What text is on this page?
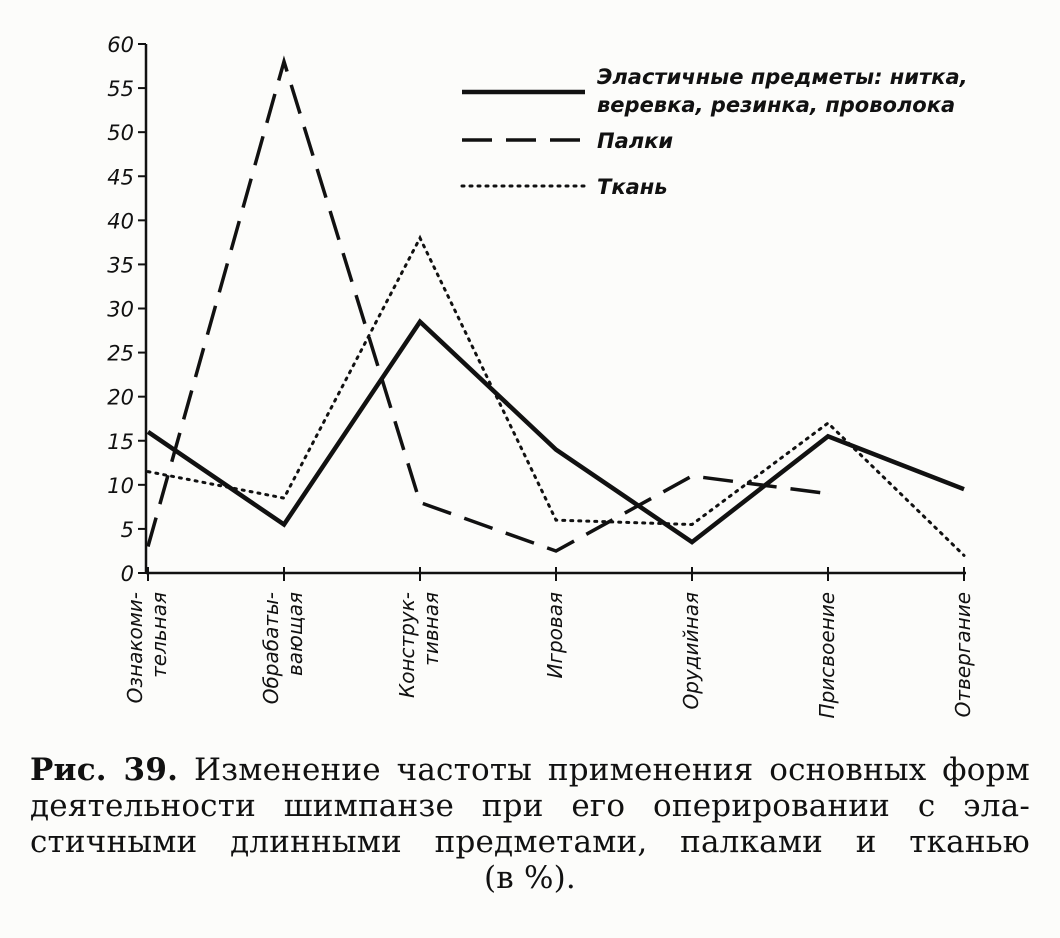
0
5
10
15
20
25
30
35
40
45
50
55
60
Ознакоми- тельная	Обрабаты- вающая	Конструк- тивная	Игровая	Орудийная	Присвоение	Отвергание
Эластичные предметы: нитка,
веревка, резинка, проволока
Палки
Ткань
Рис. 39. Изменение частоты применения основных форм
деятельности шимпанзе при его оперировании с эла-
стичными длинными предметами, палками и тканью
(в %).
